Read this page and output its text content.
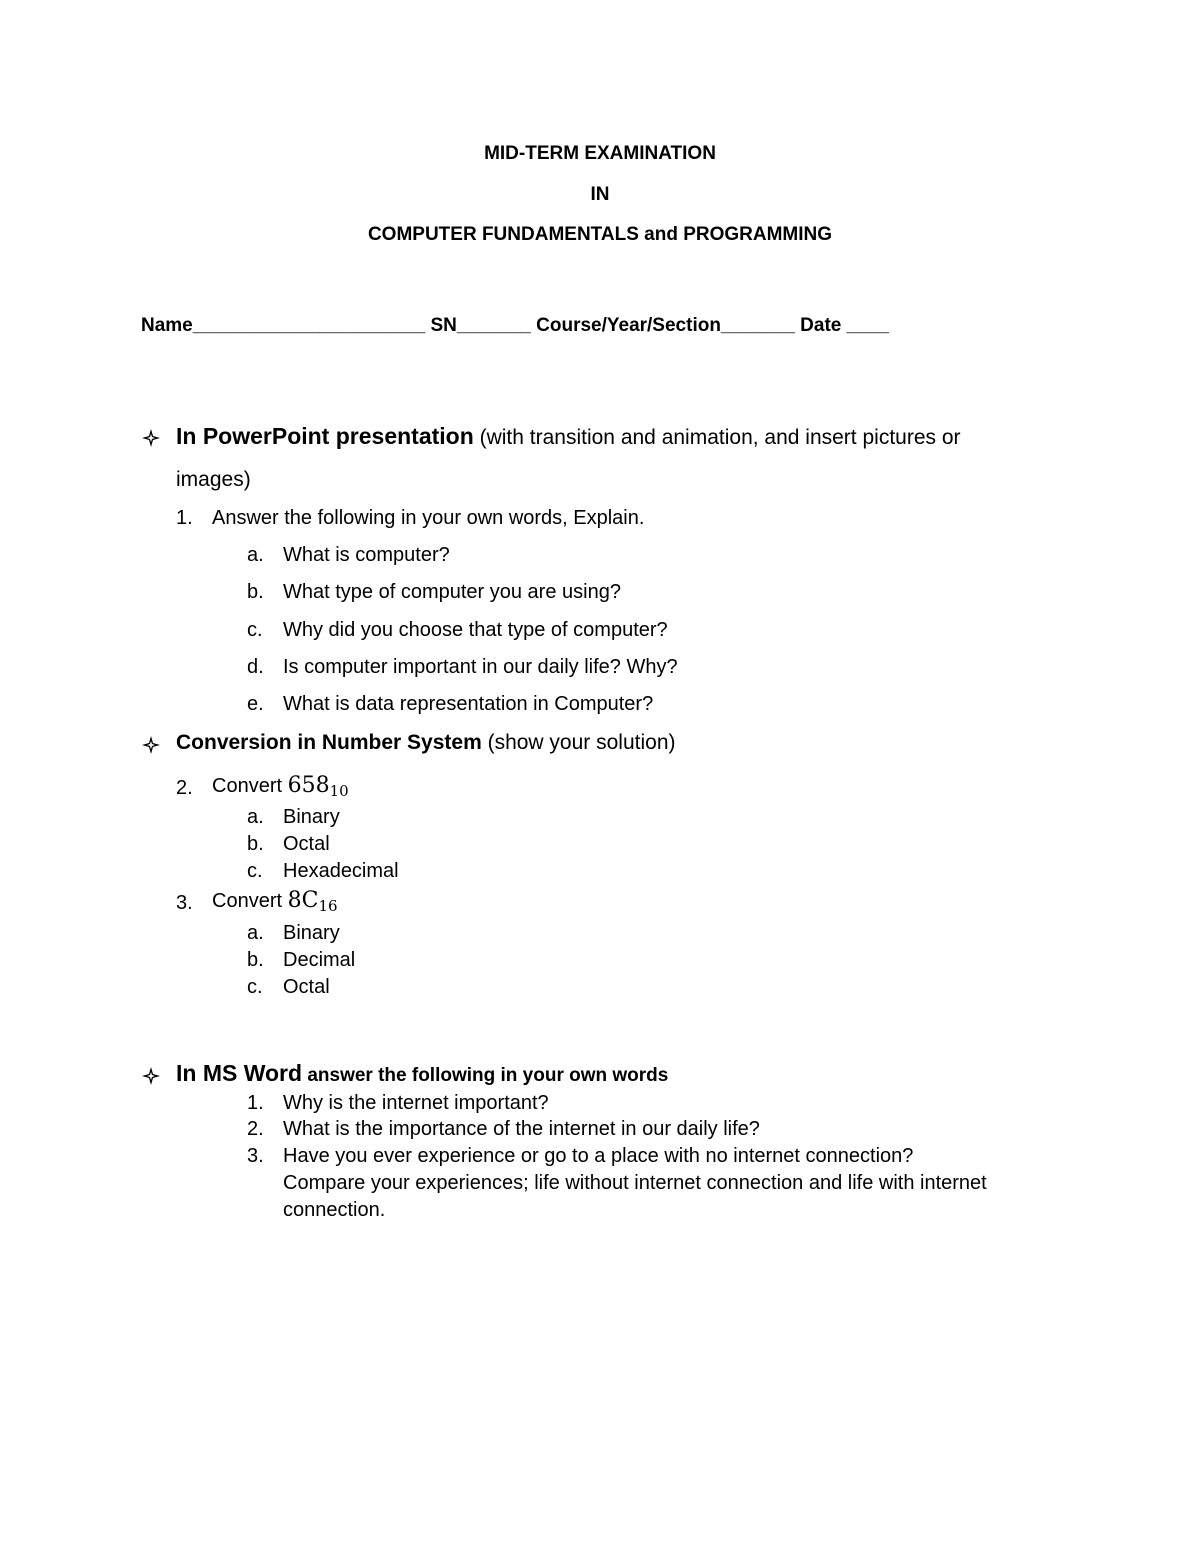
MID-TERM EXAMINATION
IN
COMPUTER FUNDAMENTALS and PROGRAMMING
Name______________________ SN_______ Course/Year/Section_______ Date ____
In PowerPoint presentation (with transition and animation, and insert pictures or
images)
1. Answer the following in your own words, Explain.
a. What is computer?
b. What type of computer you are using?
c. Why did you choose that type of computer?
d. Is computer important in our daily life? Why?
e. What is data representation in Computer?
Conversion in Number System (show your solution)
2. Convert $658_{10}$
a. Binary
b. Octal
c. Hexadecimal
3. Convert $8C_{16}$
a. Binary
b. Decimal
c. Octal
In MS Word answer the following in your own words
1. Why is the internet important?
2. What is the importance of the internet in our daily life?
3. Have you ever experience or go to a place with no internet connection?
Compare your experiences; life without internet connection and life with internet
connection.
